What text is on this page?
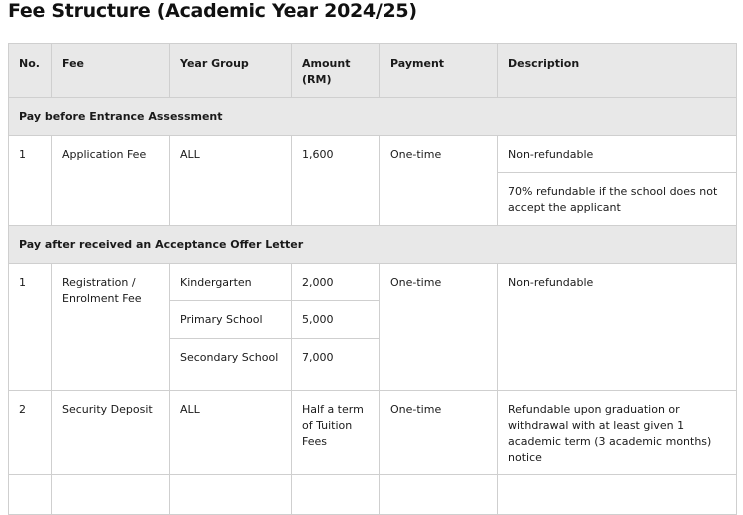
Fee Structure (Academic Year 2024/25)
No.	Fee	Year Group	Amount (RM)	Payment	Description
Pay before Entrance Assessment					
1	Application Fee	ALL	1,600	One-time	Non-refundable
					70% refundable if the school does not accept the applicant
Pay after received an Acceptance Offer Letter					
1	Registration / Enrolment Fee	Kindergarten	2,000	One-time	Non-refundable
		Primary School	5,000		
		Secondary School	7,000		
2	Security Deposit	ALL	Half a term of Tuition Fees	One-time	Refundable upon graduation or withdrawal with at least given 1 academic term (3 academic months) notice
